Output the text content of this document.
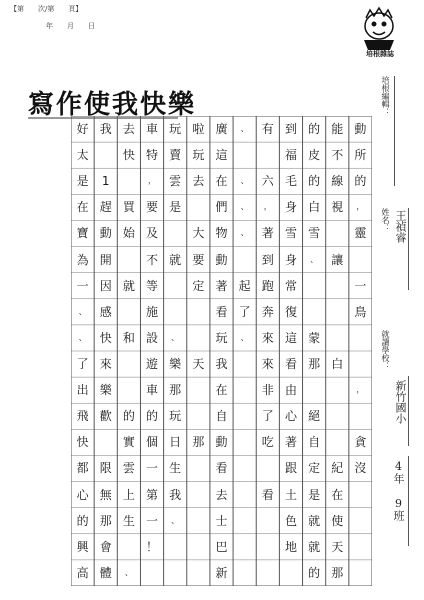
【第　　次/第　　頁】
年　　月　　日
培根雜誌
寫作使我快樂
好
太
是
在
寶
為
一
、
、
了
出
飛
快
都
心
的
興
高
我
1
趕
動
開
因
感
快
來
樂
歡
限
無
那
會
體
去
快
買
始
就
和
的
實
雲
上
生
、
車
特
，
要
及
不
等
施
設
遊
車
的
個
一
第
一
！
玩
賣
雲
是
就
、
樂
那
玩
日
生
我
、
啦
玩
去
大
要
定
天
那
廣
這
在
們
物
動
著
看
玩
我
在
自
動
看
去
士
巴
新
、
、
、
、
起
了
、
有
六
，
著
到
跑
奔
來
來
非
了
吃
看
到
福
毛
身
雪
身
常
復
這
看
由
心
著
跟
土
色
地
的
皮
的
白
雪
、
蒙
那
絕
自
定
是
就
就
的
能
不
線
視
讓
白
紀
在
使
天
那
動
所
的
，
靈
一
鳥
，
貪
沒
培根編輯：
姓名： 王禎睿
就讀學校：
新竹國小
4年 9班
